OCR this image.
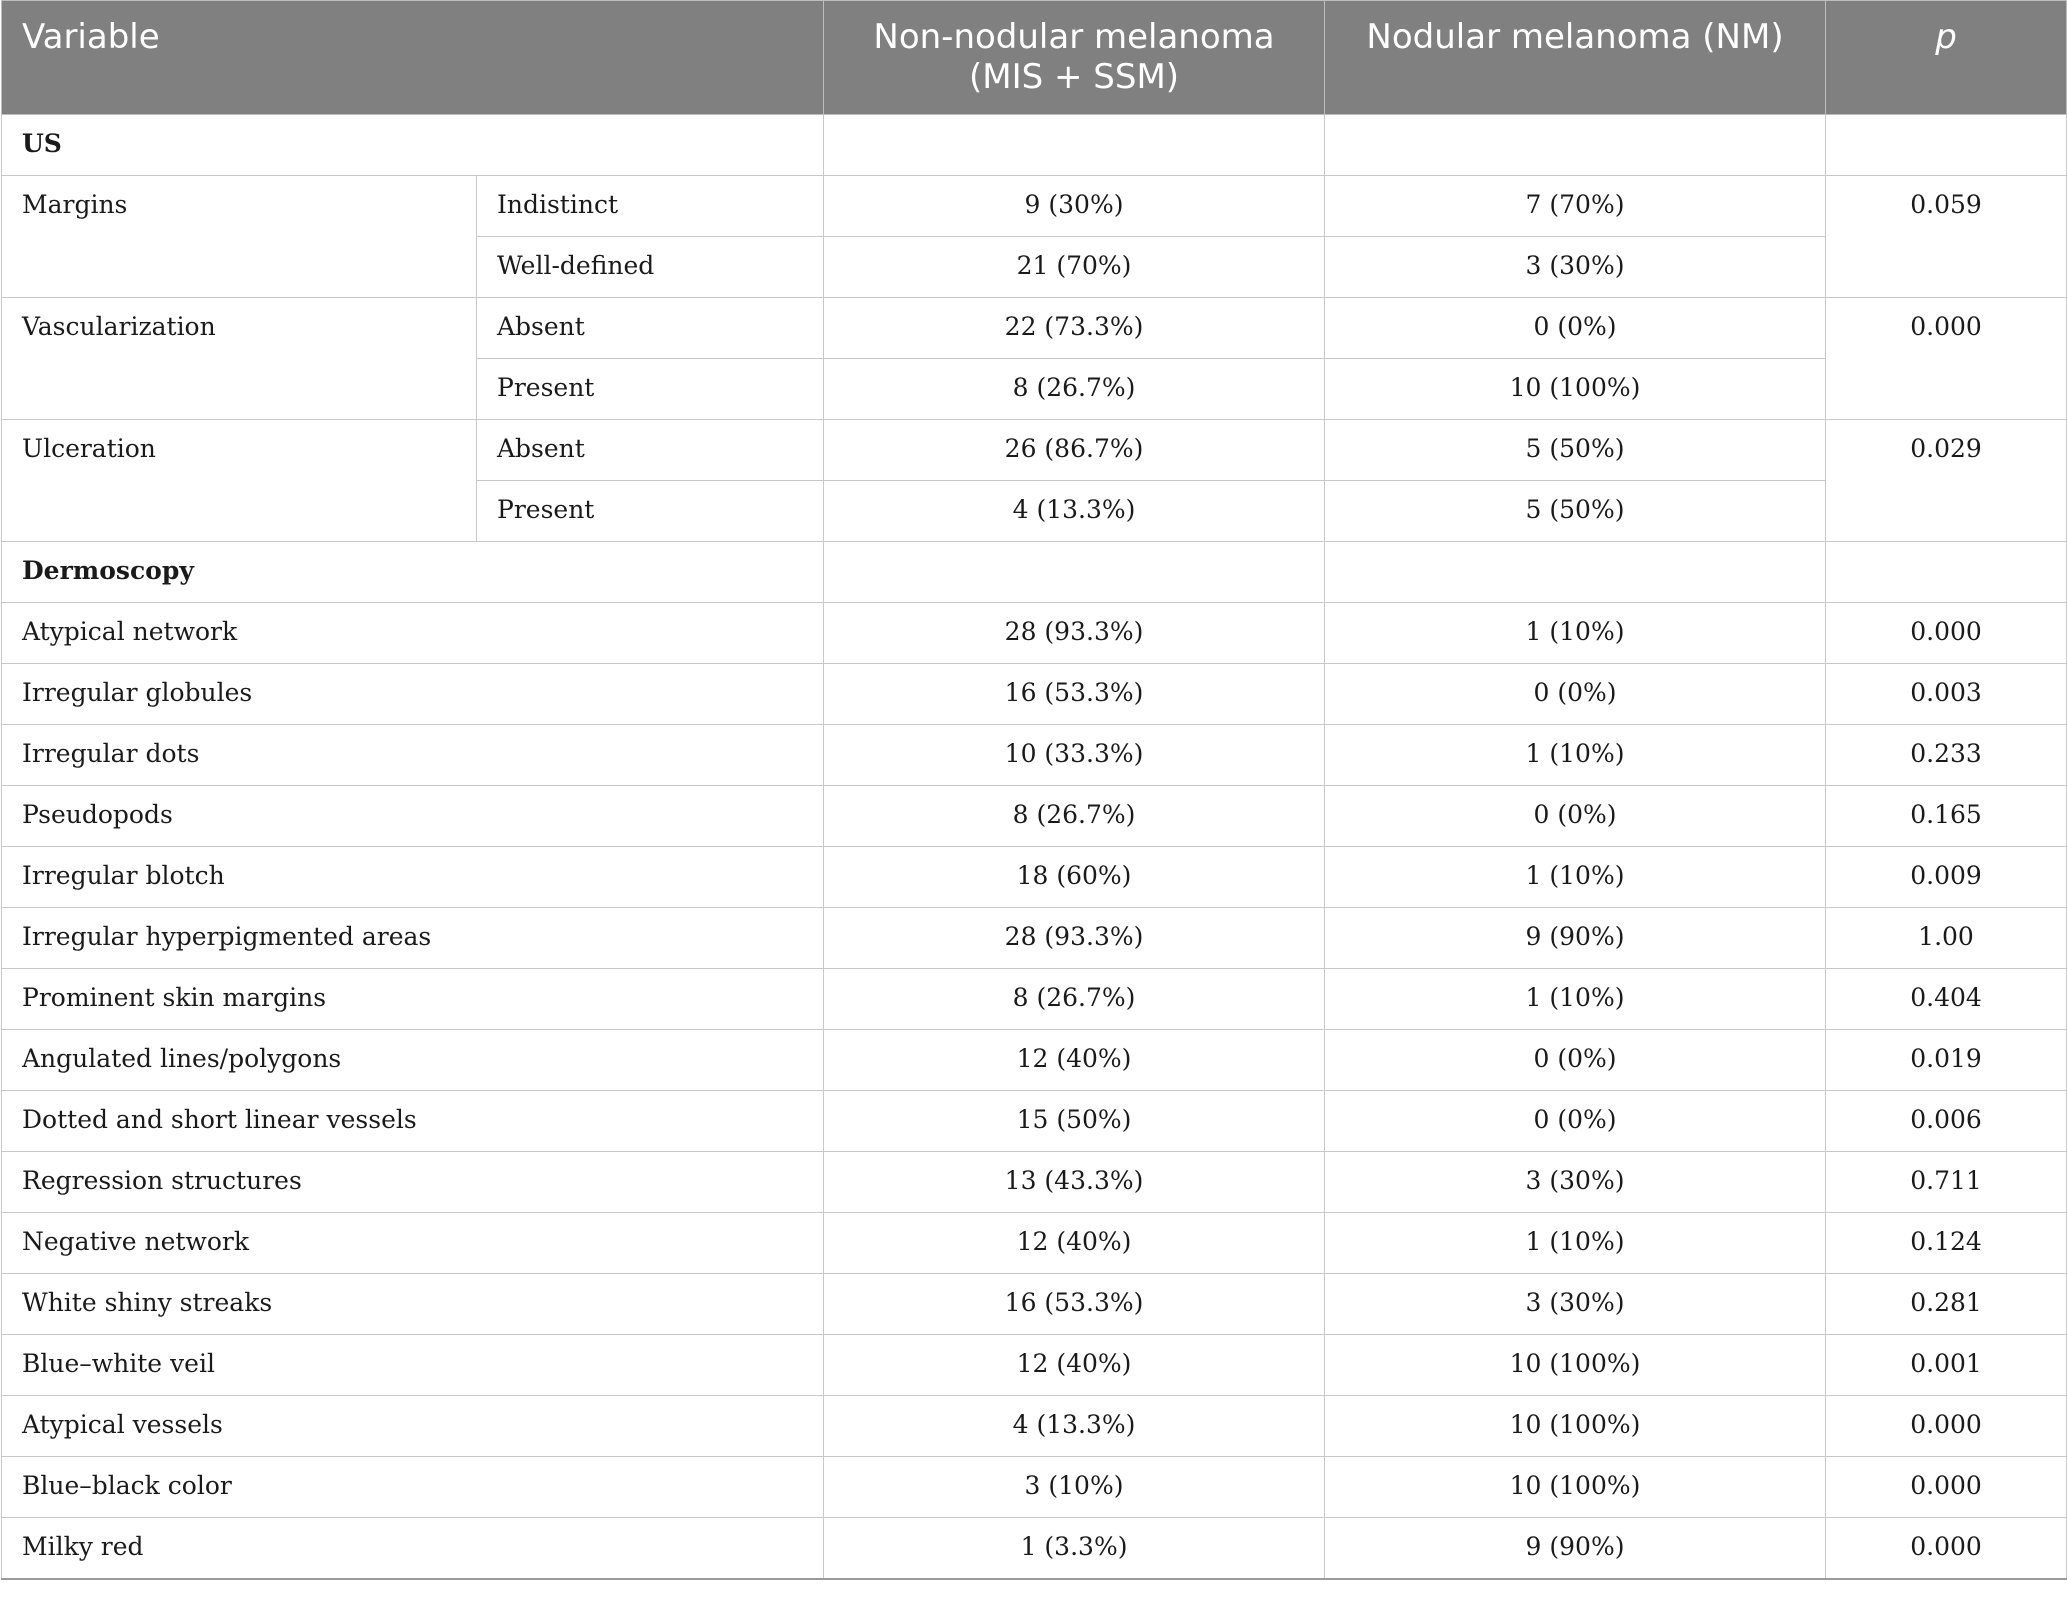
Variable		Non-nodular melanoma (MIS + SSM)	Nodular melanoma (NM)	p
US				
Margins	Indistinct	9 (30%)	7 (70%)	0.059
	Well-defined	21 (70%)	3 (30%)	
Vascularization	Absent	22 (73.3%)	0 (0%)	0.000
	Present	8 (26.7%)	10 (100%)	
Ulceration	Absent	26 (86.7%)	5 (50%)	0.029
	Present	4 (13.3%)	5 (50%)	
Dermoscopy				
Atypical network		28 (93.3%)	1 (10%)	0.000
Irregular globules		16 (53.3%)	0 (0%)	0.003
Irregular dots		10 (33.3%)	1 (10%)	0.233
Pseudopods		8 (26.7%)	0 (0%)	0.165
Irregular blotch		18 (60%)	1 (10%)	0.009
Irregular hyperpigmented areas		28 (93.3%)	9 (90%)	1.00
Prominent skin margins		8 (26.7%)	1 (10%)	0.404
Angulated lines/polygons		12 (40%)	0 (0%)	0.019
Dotted and short linear vessels		15 (50%)	0 (0%)	0.006
Regression structures		13 (43.3%)	3 (30%)	0.711
Negative network		12 (40%)	1 (10%)	0.124
White shiny streaks		16 (53.3%)	3 (30%)	0.281
Blue–white veil		12 (40%)	10 (100%)	0.001
Atypical vessels		4 (13.3%)	10 (100%)	0.000
Blue–black color		3 (10%)	10 (100%)	0.000
Milky red		1 (3.3%)	9 (90%)	0.000
